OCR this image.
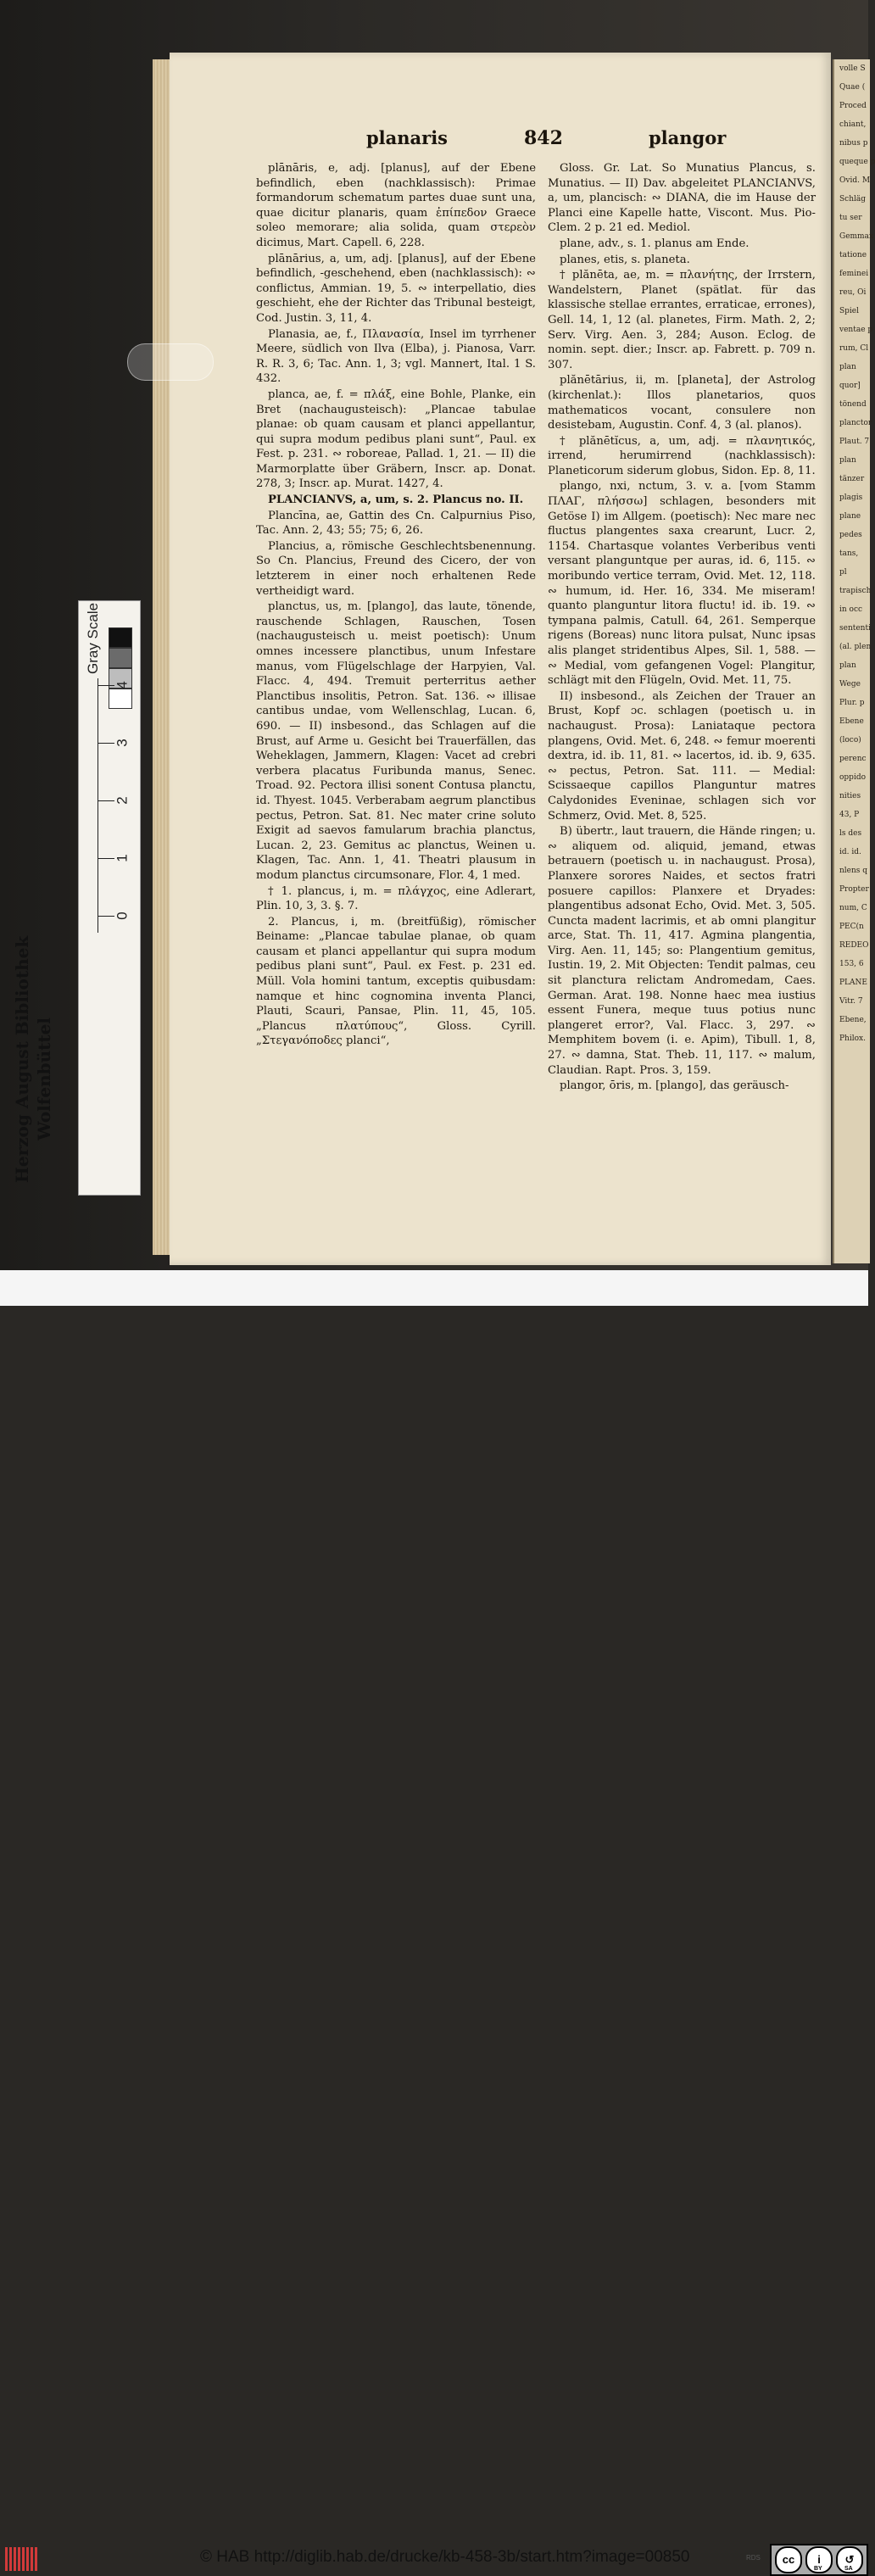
volle S
Quae (
Proced
chiant,
nibus p
queque p
Ovid. M
Schläg
tu ser
Gemmax
tatione
feminei
reu, Oi
Spiel
ventae p
rum, Cl
plan
quor]
tönend
planctor
Plaut. 7
plan
tänzer
plagis
plane
pedes
tans,
pl
trapisch
in occ
sententi
(al. plen
plan
Wege
Plur. p
Ebene
(loco)
perenc
oppido
nities
43, P
ls des
id. id.
nlens q
Propter
num, C
PEC(n
REDEO
153, 6
PLANE
Vitr. 7
Ebene,
Philox.
planaris	842	plangor

plānāris, e, adj. [planus], auf der Ebene befindlich, eben (nachklassisch): Primae formandorum schematum partes duae sunt una, quae dicitur planaris, quam ἐπίπεδον Graece soleo memorare; alia solida, quam στερεὸν dicimus, Mart. Capell. 6, 228.

plānārius, a, um, adj. [planus], auf der Ebene befindlich, -geschehend, eben (nachklassisch): ∾ conflictus, Ammian. 19, 5. ∾ interpellatio, dies geschieht, ehe der Richter das Tribunal besteigt, Cod. Justin. 3, 11, 4.

Planasia, ae, f., Πλανασία, Insel im tyrrhener Meere, südlich von Ilva (Elba), j. Pianosa, Varr. R. R. 3, 6; Tac. Ann. 1, 3; vgl. Mannert, Ital. 1 S. 432.

planca, ae, f. = πλάξ, eine Bohle, Planke, ein Bret (nachaugusteisch): „Plancae tabulae planae: ob quam causam et planci appellantur, qui supra modum pedibus plani sunt“, Paul. ex Fest. p. 231. ∾ roboreae, Pallad. 1, 21. — II) die Marmorplatte über Gräbern, Inscr. ap. Donat. 278, 3; Inscr. ap. Murat. 1427, 4.

PLANCIANVS, a, um, s. 2. Plancus no. II.

Plancīna, ae, Gattin des Cn. Calpurnius Piso, Tac. Ann. 2, 43; 55; 75; 6, 26.

Plancius, a, römische Geschlechtsbenennung. So Cn. Plancius, Freund des Cicero, der von letzterem in einer noch erhaltenen Rede vertheidigt ward.

planctus, us, m. [plango], das laute, tönende, rauschende Schlagen, Rauschen, Tosen (nachaugusteisch u. meist poetisch): Unum omnes incessere planctibus, unum Infestare manus, vom Flügelschlage der Harpyien, Val. Flacc. 4, 494. Tremuit perterritus aether Planctibus insolitis, Petron. Sat. 136. ∾ illisae cantibus undae, vom Wellenschlag, Lucan. 6, 690. — II) insbesond., das Schlagen auf die Brust, auf Arme u. Gesicht bei Trauerfällen, das Weheklagen, Jammern, Klagen: Vacet ad crebri verbera placatus Furibunda manus, Senec. Troad. 92. Pectora illisi sonent Contusa planctu, id. Thyest. 1045. Verberabam aegrum planctibus pectus, Petron. Sat. 81. Nec mater crine soluto Exigit ad saevos famularum brachia planctus, Lucan. 2, 23. Gemitus ac planctus, Weinen u. Klagen, Tac. Ann. 1, 41. Theatri plausum in modum planctus circumsonare, Flor. 4, 1 med.

† 1. plancus, i, m. = πλάγχος, eine Adlerart, Plin. 10, 3, 3. §. 7.

2. Plancus, i, m. (breitfüßig), römischer Beiname: „Plancae tabulae planae, ob quam causam et planci appellantur qui supra modum pedibus plani sunt“, Paul. ex Fest. p. 231 ed. Müll. Vola homini tantum, exceptis quibusdam: namque et hinc cognomina inventa Planci, Plauti, Scauri, Pansae, Plin. 11, 45, 105. „Plancus πλατύπους“, Gloss. Cyrill. „Στεγανόποδες planci“,

Gloss. Gr. Lat. So Munatius Plancus, s. Munatius. — II) Dav. abgeleitet PLANCIANVS, a, um, plancisch: ∾ DIANA, die im Hause der Planci eine Kapelle hatte, Viscont. Mus. Pio-Clem. 2 p. 21 ed. Mediol.

plane, adv., s. 1. planus am Ende.

planes, etis, s. planeta.

† plănēta, ae, m. = πλανήτης, der Irrstern, Wandelstern, Planet (spätlat. für das klassische stellae errantes, erraticae, errones), Gell. 14, 1, 12 (al. planetes, Firm. Math. 2, 2; Serv. Virg. Aen. 3, 284; Auson. Eclog. de nomin. sept. dier.; Inscr. ap. Fabrett. p. 709 n. 307.

plănētārius, ii, m. [planeta], der Astrolog (kirchenlat.): Illos planetarios, quos mathematicos vocant, consulere non desistebam, Augustin. Conf. 4, 3 (al. planos).

† plănētĭcus, a, um, adj. = πλανητικός, irrend, herumirrend (nachklassisch): Planeticorum siderum globus, Sidon. Ep. 8, 11.

plango, nxi, nctum, 3. v. a. [vom Stamm ΠΛΑΓ, πλήσσω] schlagen, besonders mit Getöse I) im Allgem. (poetisch): Nec mare nec fluctus plangentes saxa crearunt, Lucr. 2, 1154. Chartasque volantes Verberibus venti versant planguntque per auras, id. 6, 115. ∾ moribundo vertice terram, Ovid. Met. 12, 118. ∾ humum, id. Her. 16, 334. Me miseram! quanto planguntur litora fluctu! id. ib. 19. ∾ tympana palmis, Catull. 64, 261. Semperque rigens (Boreas) nunc litora pulsat, Nunc ipsas alis planget stridentibus Alpes, Sil. 1, 588. — ∾ Medial, vom gefangenen Vogel: Plangitur, schlägt mit den Flügeln, Ovid. Met. 11, 75.

II) insbesond., als Zeichen der Trauer an Brust, Kopf ɔc. schlagen (poetisch u. in nachaugust. Prosa): Laniataque pectora plangens, Ovid. Met. 6, 248. ∾ femur moerenti dextra, id. ib. 11, 81. ∾ lacertos, id. ib. 9, 635. ∾ pectus, Petron. Sat. 111. — Medial: Scissaeque capillos Planguntur matres Calydonides Eveninae, schlagen sich vor Schmerz, Ovid. Met. 8, 525.

B) übertr., laut trauern, die Hände ringen; u. ∾ aliquem od. aliquid, jemand, etwas betrauern (poetisch u. in nachaugust. Prosa), Planxere sorores Naides, et sectos fratri posuere capillos: Planxere et Dryades: plangentibus adsonat Echo, Ovid. Met. 3, 505. Cuncta madent lacrimis, et ab omni plangitur arce, Stat. Th. 11, 417. Agmina plangentia, Virg. Aen. 11, 145; so: Plangentium gemitus, Iustin. 19, 2. Mit Objecten: Tendit palmas, ceu sit planctura relictam Andromedam, Caes. German. Arat. 198. Nonne haec mea iustius essent Funera, meque tuus potius nunc plangeret error?, Val. Flacc. 3, 297. ∾ Memphitem bovem (i. e. Apim), Tibull. 1, 8, 27. ∾ damna, Stat. Theb. 11, 117. ∾ malum, Claudian. Rapt. Pros. 3, 159.

plangor, ōris, m. [plango], das geräusch-

Gray Scale
0
1
2
3
4
Herzog August Bibliothek Wolfenbüttel
© HAB http://diglib.hab.de/drucke/kb-458-3b/start.htm?image=00850	RDS	cc	i
BY
↺
SA
